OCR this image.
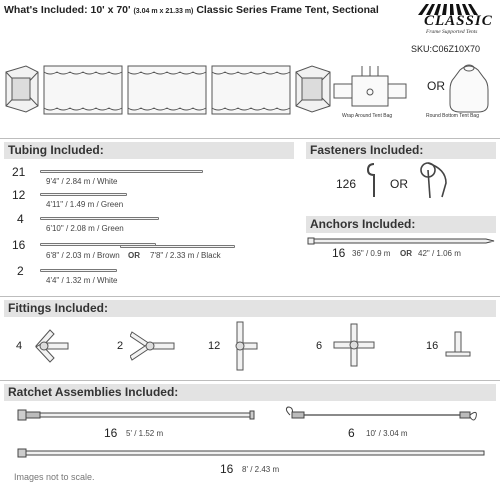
What's Included: 10' x 70' (3.04 m x 21.33 m) Classic Series Frame Tent, Sectional
CLASSIC
Frame Supported Tents
SKU:C06Z10X70
Wrap Around Tent Bag
OR
Round Bottom Tent Bag
Tubing Included:
21
9'4" / 2.84 m / White
12
4'11" / 1.49 m / Green
4
6'10" / 2.08 m / Green
16
6'8" / 2.03 m / Brown OR 7'8" / 2.33 m / Black
2
4'4" / 1.32 m / White
Fasteners Included:
126	OR
Anchors Included:
16 36" / 0.9 m OR 42" / 1.06 m
Fittings Included:
4	2	12	6	16
Ratchet Assemblies Included:
16 5' / 1.52 m	6 10' / 3.04 m
16 8' / 2.43 m
Images not to scale.
